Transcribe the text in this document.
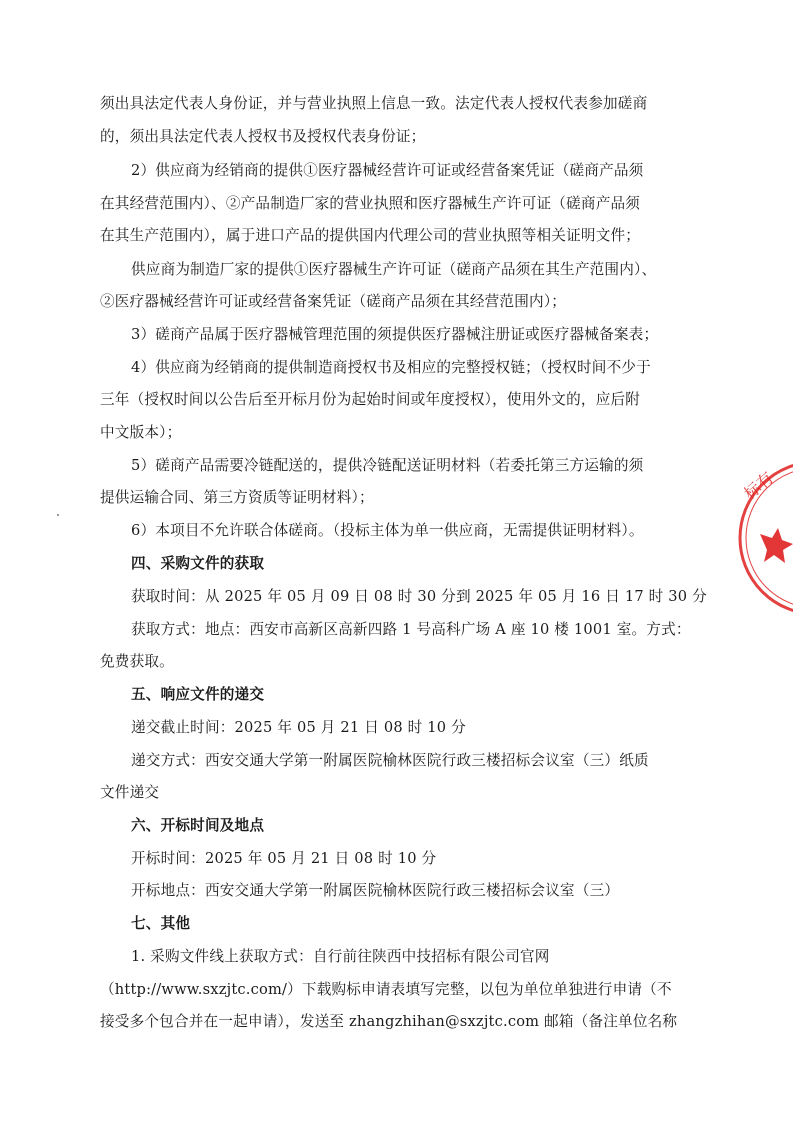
须出具法定代表人身份证，并与营业执照上信息一致。法定代表人授权代表参加磋商
的，须出具法定代表人授权书及授权代表身份证；
2）供应商为经销商的提供①医疗器械经营许可证或经营备案凭证（磋商产品须
在其经营范围内）、②产品制造厂家的营业执照和医疗器械生产许可证（磋商产品须
在其生产范围内），属于进口产品的提供国内代理公司的营业执照等相关证明文件；
供应商为制造厂家的提供①医疗器械生产许可证（磋商产品须在其生产范围内）、
②医疗器械经营许可证或经营备案凭证（磋商产品须在其经营范围内）；
3）磋商产品属于医疗器械管理范围的须提供医疗器械注册证或医疗器械备案表；
4）供应商为经销商的提供制造商授权书及相应的完整授权链；（授权时间不少于
三年（授权时间以公告后至开标月份为起始时间或年度授权），使用外文的，应后附
中文版本）；
5）磋商产品需要冷链配送的，提供冷链配送证明材料（若委托第三方运输的须
提供运输合同、第三方资质等证明材料）；
6）本项目不允许联合体磋商。（投标主体为单一供应商，无需提供证明材料）。
四、采购文件的获取
获取时间：从 2025 年 05 月 09 日 08 时 30 分到 2025 年 05 月 16 日 17 时 30 分
获取方式：地点：西安市高新区高新四路 1 号高科广场 A 座 10 楼 1001 室。方式：
免费获取。
五、响应文件的递交
递交截止时间：2025 年 05 月 21 日 08 时 10 分
递交方式：西安交通大学第一附属医院榆林医院行政三楼招标会议室（三）纸质
文件递交
六、开标时间及地点
开标时间：2025 年 05 月 21 日 08 时 10 分
开标地点：西安交通大学第一附属医院榆林医院行政三楼招标会议室（三）
七、其他
1. 采购文件线上获取方式：自行前往陕西中技招标有限公司官网
（http://www.sxzjtc.com/）下载购标申请表填写完整，以包为单位单独进行申请（不
接受多个包合并在一起申请），发送至 zhangzhihan@sxzjtc.com 邮箱（备注单位名称
标有
